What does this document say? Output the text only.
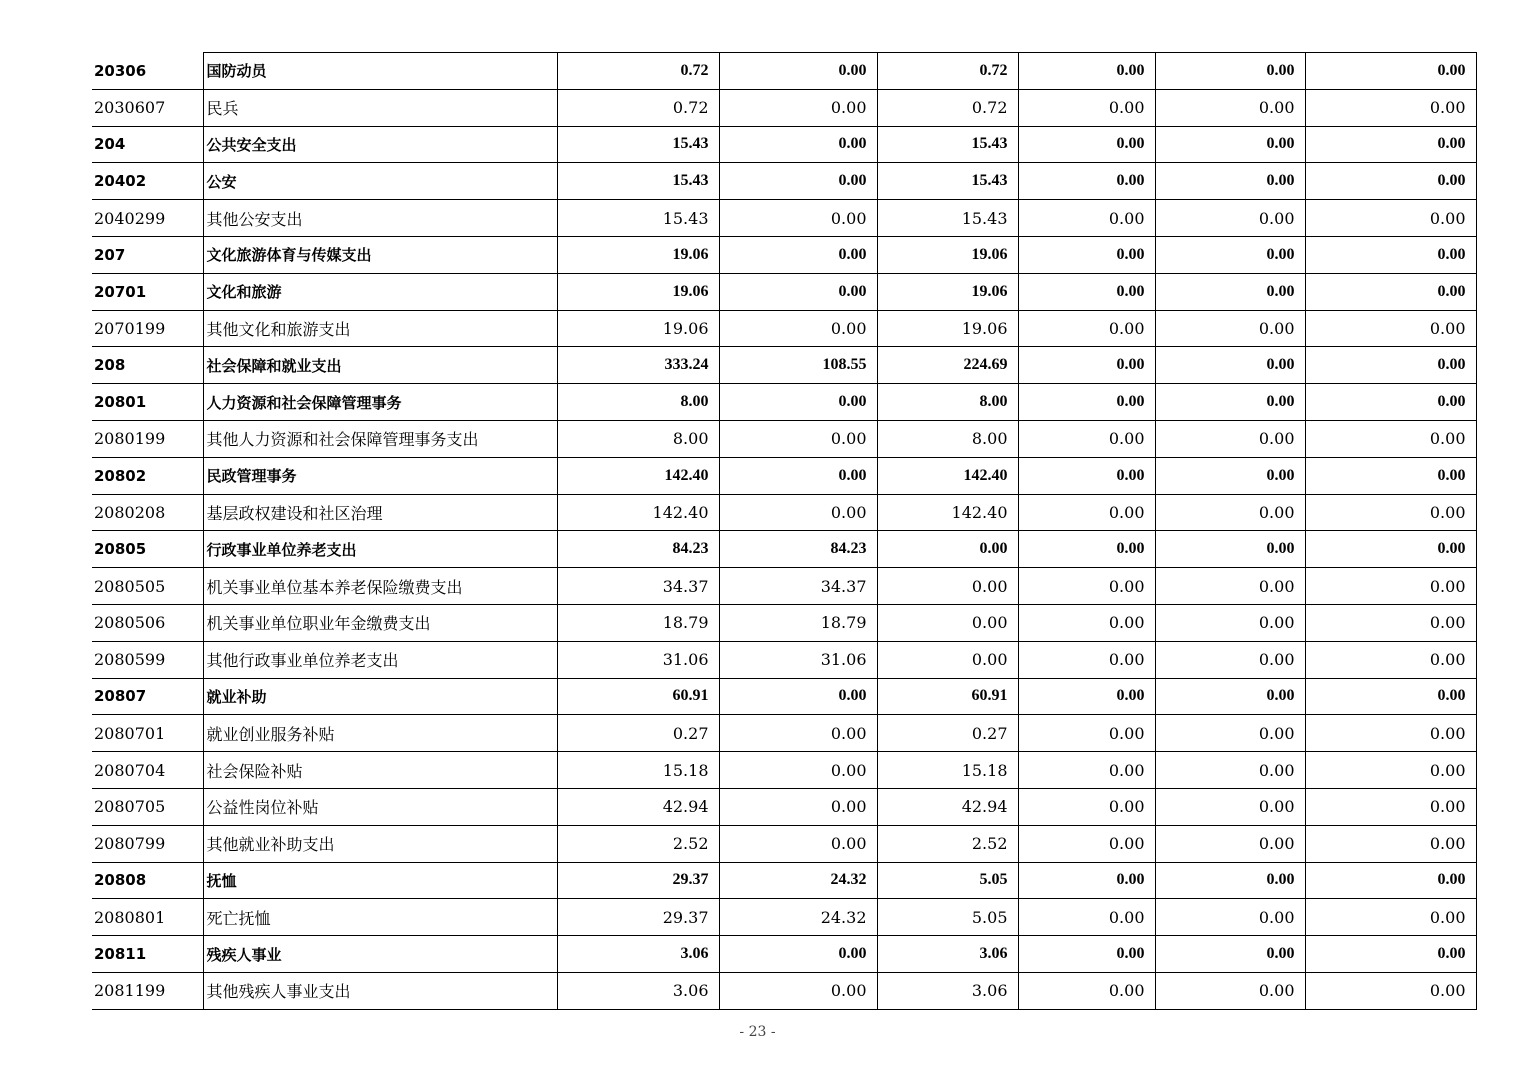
20306	国防动员	0.72	0.00	0.72	0.00	0.00	0.00
2030607	民兵	0.72	0.00	0.72	0.00	0.00	0.00
204	公共安全支出	15.43	0.00	15.43	0.00	0.00	0.00
20402	公安	15.43	0.00	15.43	0.00	0.00	0.00
2040299	其他公安支出	15.43	0.00	15.43	0.00	0.00	0.00
207	文化旅游体育与传媒支出	19.06	0.00	19.06	0.00	0.00	0.00
20701	文化和旅游	19.06	0.00	19.06	0.00	0.00	0.00
2070199	其他文化和旅游支出	19.06	0.00	19.06	0.00	0.00	0.00
208	社会保障和就业支出	333.24	108.55	224.69	0.00	0.00	0.00
20801	人力资源和社会保障管理事务	8.00	0.00	8.00	0.00	0.00	0.00
2080199	其他人力资源和社会保障管理事务支出	8.00	0.00	8.00	0.00	0.00	0.00
20802	民政管理事务	142.40	0.00	142.40	0.00	0.00	0.00
2080208	基层政权建设和社区治理	142.40	0.00	142.40	0.00	0.00	0.00
20805	行政事业单位养老支出	84.23	84.23	0.00	0.00	0.00	0.00
2080505	机关事业单位基本养老保险缴费支出	34.37	34.37	0.00	0.00	0.00	0.00
2080506	机关事业单位职业年金缴费支出	18.79	18.79	0.00	0.00	0.00	0.00
2080599	其他行政事业单位养老支出	31.06	31.06	0.00	0.00	0.00	0.00
20807	就业补助	60.91	0.00	60.91	0.00	0.00	0.00
2080701	就业创业服务补贴	0.27	0.00	0.27	0.00	0.00	0.00
2080704	社会保险补贴	15.18	0.00	15.18	0.00	0.00	0.00
2080705	公益性岗位补贴	42.94	0.00	42.94	0.00	0.00	0.00
2080799	其他就业补助支出	2.52	0.00	2.52	0.00	0.00	0.00
20808	抚恤	29.37	24.32	5.05	0.00	0.00	0.00
2080801	死亡抚恤	29.37	24.32	5.05	0.00	0.00	0.00
20811	残疾人事业	3.06	0.00	3.06	0.00	0.00	0.00
2081199	其他残疾人事业支出	3.06	0.00	3.06	0.00	0.00	0.00
- 23 -
